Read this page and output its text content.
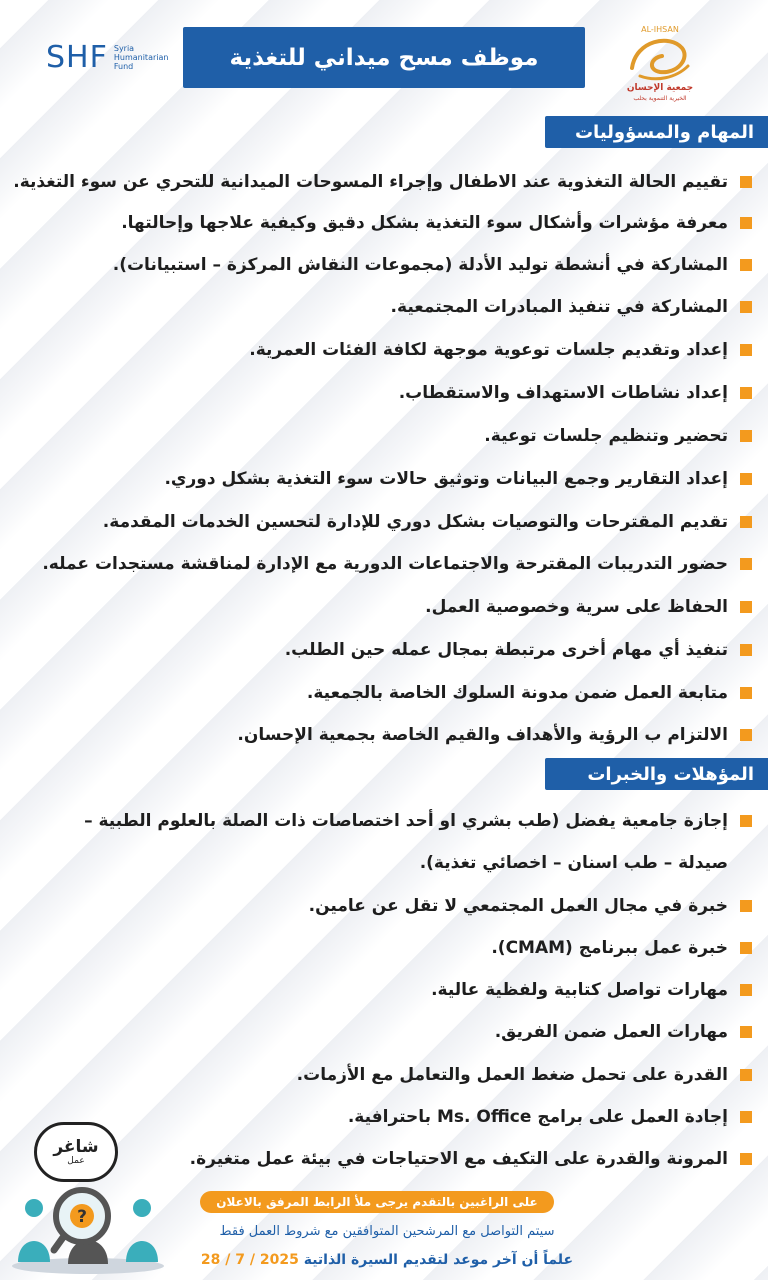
SHF Syria
Humanitarian
Fund	موظف مسح ميداني للتغذية
AL-IHSAN
جمعية الإحسان
الخيرية التنموية بحلب
المهام والمسؤوليات
تقييم الحالة التغذوية عند الاطفال وإجراء المسوحات الميدانية للتحري عن سوء التغذية.
معرفة مؤشرات وأشكال سوء التغذية بشكل دقيق وكيفية علاجها وإحالتها.
المشاركة في أنشطة توليد الأدلة (مجموعات النقاش المركزة – استبيانات).
المشاركة في تنفيذ المبادرات المجتمعية.
إعداد وتقديم جلسات توعوية موجهة لكافة الفئات العمرية.
إعداد نشاطات الاستهداف والاستقطاب.
تحضير وتنظيم جلسات توعية.
إعداد التقارير وجمع البيانات وتوثيق حالات سوء التغذية بشكل دوري.
تقديم المقترحات والتوصيات بشكل دوري للإدارة لتحسين الخدمات المقدمة.
حضور التدريبات المقترحة والاجتماعات الدورية مع الإدارة لمناقشة مستجدات عمله.
الحفاظ على سرية وخصوصية العمل.
تنفيذ أي مهام أخرى مرتبطة بمجال عمله حين الطلب.
متابعة العمل ضمن مدونة السلوك الخاصة بالجمعية.
الالتزام ب الرؤية والأهداف والقيم الخاصة بجمعية الإحسان.
إجازة جامعية يفضل (طب بشري او أحد اختصاصات ذات الصلة بالعلوم الطبية –
صيدلة – طب اسنان – اخصائي تغذية).
خبرة في مجال العمل المجتمعي لا تقل عن عامين.
خبرة عمل ببرنامج (CMAM).
مهارات تواصل كتابية ولفظية عالية.
مهارات العمل ضمن الفريق.
القدرة على تحمل ضغط العمل والتعامل مع الأزمات.
إجادة العمل على برامج Ms. Office باحترافية.
المرونة والقدرة على التكيف مع الاحتياجات في بيئة عمل متغيرة.
المؤهلات والخبرات
شاغر
عمل
?
على الراغبين بالتقدم يرجى ملأ الرابط المرفق بالاعلان
سيتم التواصل مع المرشحين المتوافقين مع شروط العمل فقط
علماً أن آخر موعد لتقديم السيرة الذاتية 28 / 7 / 2025
